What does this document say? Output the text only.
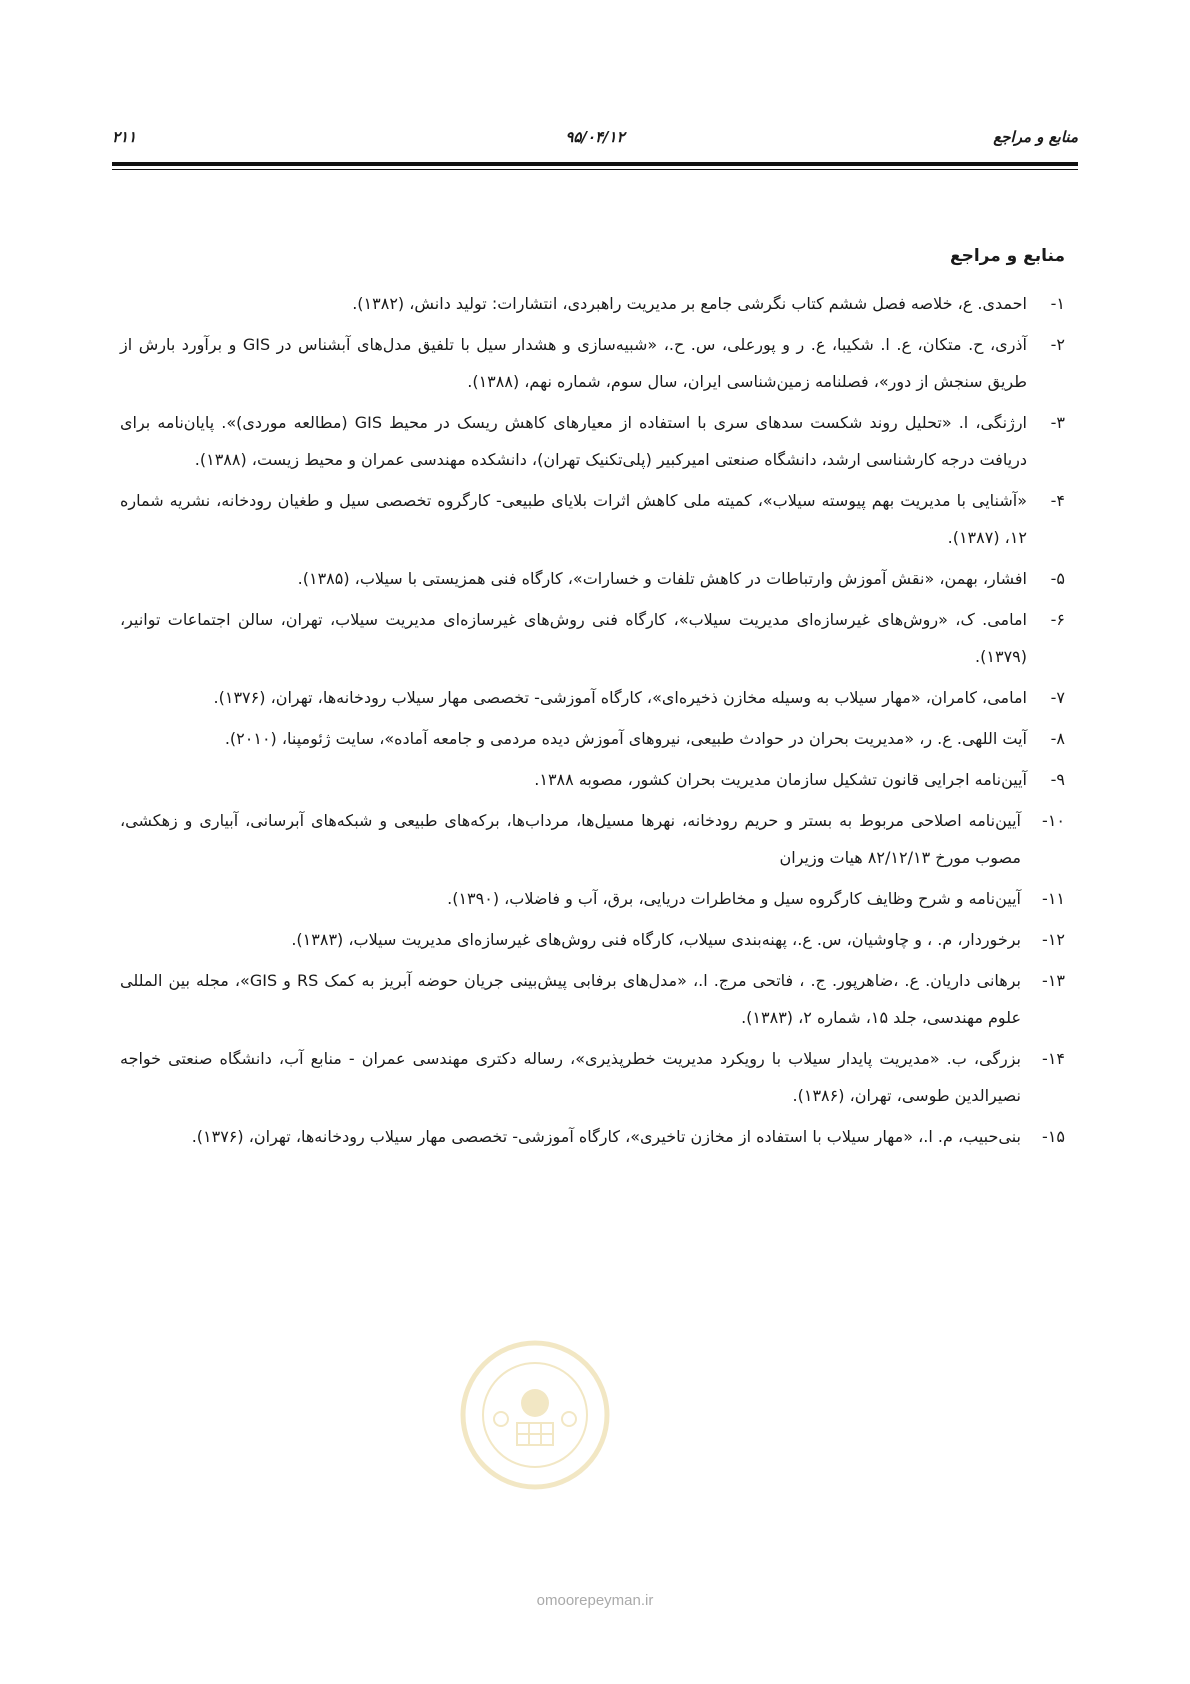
منابع و مراجع
۹۵/۰۴/۱۲
۲۱۱
منابع و مراجع
۱-
احمدی. ع، خلاصه فصل ششم کتاب نگرشی جامع بر مدیریت راهبردی، انتشارات: تولید دانش، (۱۳۸۲).
۲-
آذری، ح. متکان، ع. ا. شکیبا، ع. ر و پورعلی، س. ح.، «شبیه‌سازی و هشدار سیل با تلفیق مدل‌های آبشناس در GIS و برآورد بارش از طریق سنجش از دور»، فصلنامه زمین‌شناسی ایران، سال سوم، شماره نهم، (۱۳۸۸).
۳-
ارژنگی، ا. «تحلیل روند شکست سدهای سری با استفاده از معیارهای کاهش ریسک در محیط GIS (مطالعه موردی)». پایان‌نامه برای دریافت درجه کارشناسی ارشد، دانشگاه صنعتی امیرکبیر (پلی‌تکنیک تهران)، دانشکده مهندسی عمران و محیط زیست، (۱۳۸۸).
۴-
«آشنایی با مدیریت بهم پیوسته سیلاب»، کمیته ملی کاهش اثرات بلایای طبیعی- کارگروه تخصصی سیل و طغیان رودخانه، نشریه شماره ۱۲، (۱۳۸۷).
۵-
افشار، بهمن، «نقش آموزش وارتباطات در کاهش تلفات و خسارات»، کارگاه فنی همزیستی با سیلاب، (۱۳۸۵).
۶-
امامی. ک، «روش‌های غیرسازه‌ای مدیریت سیلاب»، کارگاه فنی روش‌های غیرسازه‌ای مدیریت سیلاب، تهران، سالن اجتماعات توانیر، (۱۳۷۹).
۷-
امامی، کامران، «مهار سیلاب به وسیله مخازن ذخیره‌ای»، کارگاه آموزشی- تخصصی مهار سیلاب رودخانه‌ها، تهران، (۱۳۷۶).
۸-
آیت اللهی. ع. ر، «مدیریت بحران در حوادث طبیعی، نیروهای آموزش دیده مردمی و جامعه آماده»، سایت ژئومپنا، (۲۰۱۰).
۹-
آیین‌نامه اجرایی قانون تشکیل سازمان مدیریت بحران کشور، مصوبه ۱۳۸۸.
۱۰-
آیین‌نامه اصلاحی مربوط به بستر و حریم رودخانه، نهرها مسیل‌ها، مرداب‌ها، برکه‌های طبیعی و شبکه‌های آبرسانی، آبیاری و زهکشی، مصوب مورخ ۸۲/۱۲/۱۳ هیات وزیران
۱۱-
آیین‌نامه و شرح وظایف کارگروه سیل و مخاطرات دریایی، برق، آب و فاضلاب، (۱۳۹۰).
۱۲-
برخوردار، م. ، و چاوشیان، س. ع.، پهنه‌بندی سیلاب، کارگاه فنی روش‌های غیرسازه‌ای مدیریت سیلاب، (۱۳۸۳).
۱۳-
برهانی داریان. ع. ،ضاهرپور. ج. ، فاتحی مرج. ا.، «مدل‌های برفابی پیش‌بینی جریان حوضه آبریز به کمک RS و GIS»، مجله بین المللی علوم مهندسی، جلد ۱۵، شماره ۲، (۱۳۸۳).
۱۴-
بزرگی، ب. «مدیریت پایدار سیلاب با رویکرد مدیریت خطرپذیری»، رساله دکتری مهندسی عمران - منابع آب، دانشگاه صنعتی خواجه نصیرالدین طوسی، تهران، (۱۳۸۶).
۱۵-
بنی‌حبیب، م. ا.، «مهار سیلاب با استفاده از مخازن تاخیری»، کارگاه آموزشی- تخصصی مهار سیلاب رودخانه‌ها، تهران، (۱۳۷۶).
omoorepeyman.ir
